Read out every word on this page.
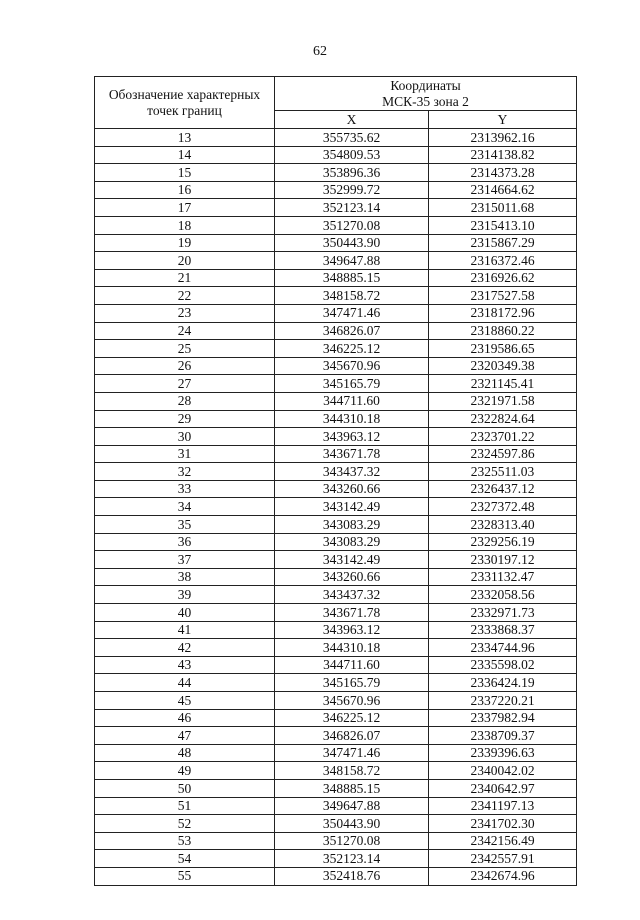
62
Обозначение характерных точек границ	Координаты
МСК-35 зона 2	

	X	Y
13	355735.62	2313962.16
14	354809.53	2314138.82
15	353896.36	2314373.28
16	352999.72	2314664.62
17	352123.14	2315011.68
18	351270.08	2315413.10
19	350443.90	2315867.29
20	349647.88	2316372.46
21	348885.15	2316926.62
22	348158.72	2317527.58
23	347471.46	2318172.96
24	346826.07	2318860.22
25	346225.12	2319586.65
26	345670.96	2320349.38
27	345165.79	2321145.41
28	344711.60	2321971.58
29	344310.18	2322824.64
30	343963.12	2323701.22
31	343671.78	2324597.86
32	343437.32	2325511.03
33	343260.66	2326437.12
34	343142.49	2327372.48
35	343083.29	2328313.40
36	343083.29	2329256.19
37	343142.49	2330197.12
38	343260.66	2331132.47
39	343437.32	2332058.56
40	343671.78	2332971.73
41	343963.12	2333868.37
42	344310.18	2334744.96
43	344711.60	2335598.02
44	345165.79	2336424.19
45	345670.96	2337220.21
46	346225.12	2337982.94
47	346826.07	2338709.37
48	347471.46	2339396.63
49	348158.72	2340042.02
50	348885.15	2340642.97
51	349647.88	2341197.13
52	350443.90	2341702.30
53	351270.08	2342156.49
54	352123.14	2342557.91
55	352418.76	2342674.96
